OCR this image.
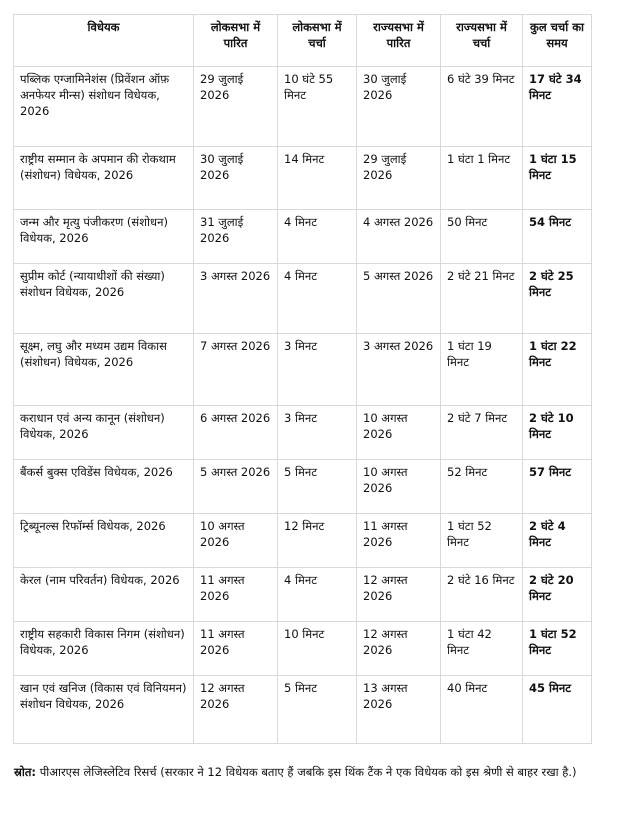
विधेयक	लोकसभा में पारित	लोकसभा में चर्चा	राज्यसभा में पारित	राज्यसभा में चर्चा	कुल चर्चा का समय
पब्लिक एग्जामिनेशंस (प्रिवेंशन ऑफ़ अनफेयर मीन्स) संशोधन विधेयक, 2026	29 जुलाई 2026	10 घंटे 55 मिनट	30 जुलाई 2026	6 घंटे 39 मिनट	17 घंटे 34 मिनट
राष्ट्रीय सम्मान के अपमान की रोकथाम (संशोधन) विधेयक, 2026	30 जुलाई 2026	14 मिनट	29 जुलाई 2026	1 घंटा 1 मिनट	1 घंटा 15 मिनट
जन्म और मृत्यु पंजीकरण (संशोधन) विधेयक, 2026	31 जुलाई 2026	4 मिनट	4 अगस्त 2026	50 मिनट	54 मिनट
सुप्रीम कोर्ट (न्यायाधीशों की संख्या) संशोधन विधेयक, 2026	3 अगस्त 2026	4 मिनट	5 अगस्त 2026	2 घंटे 21 मिनट	2 घंटे 25 मिनट
सूक्ष्म, लघु और मध्यम उद्यम विकास (संशोधन) विधेयक, 2026	7 अगस्त 2026	3 मिनट	3 अगस्त 2026	1 घंटा 19 मिनट	1 घंटा 22 मिनट
कराधान एवं अन्य कानून (संशोधन) विधेयक, 2026	6 अगस्त 2026	3 मिनट	10 अगस्त 2026	2 घंटे 7 मिनट	2 घंटे 10 मिनट
बैंकर्स बुक्स एविडेंस विधेयक, 2026	5 अगस्त 2026	5 मिनट	10 अगस्त 2026	52 मिनट	57 मिनट
ट्रिब्यूनल्स रिफॉर्म्स विधेयक, 2026	10 अगस्त 2026	12 मिनट	11 अगस्त 2026	1 घंटा 52 मिनट	2 घंटे 4 मिनट
केरल (नाम परिवर्तन) विधेयक, 2026	11 अगस्त 2026	4 मिनट	12 अगस्त 2026	2 घंटे 16 मिनट	2 घंटे 20 मिनट
राष्ट्रीय सहकारी विकास निगम (संशोधन) विधेयक, 2026	11 अगस्त 2026	10 मिनट	12 अगस्त 2026	1 घंटा 42 मिनट	1 घंटा 52 मिनट
खान एवं खनिज (विकास एवं विनियमन) संशोधन विधेयक, 2026	12 अगस्त 2026	5 मिनट	13 अगस्त 2026	40 मिनट	45 मिनट
स्रोत: पीआरएस लेजिस्लेटिव रिसर्च (सरकार ने 12 विधेयक बताए हैं जबकि इस थिंक टैंक ने एक विधेयक को इस श्रेणी से बाहर रखा है.)
